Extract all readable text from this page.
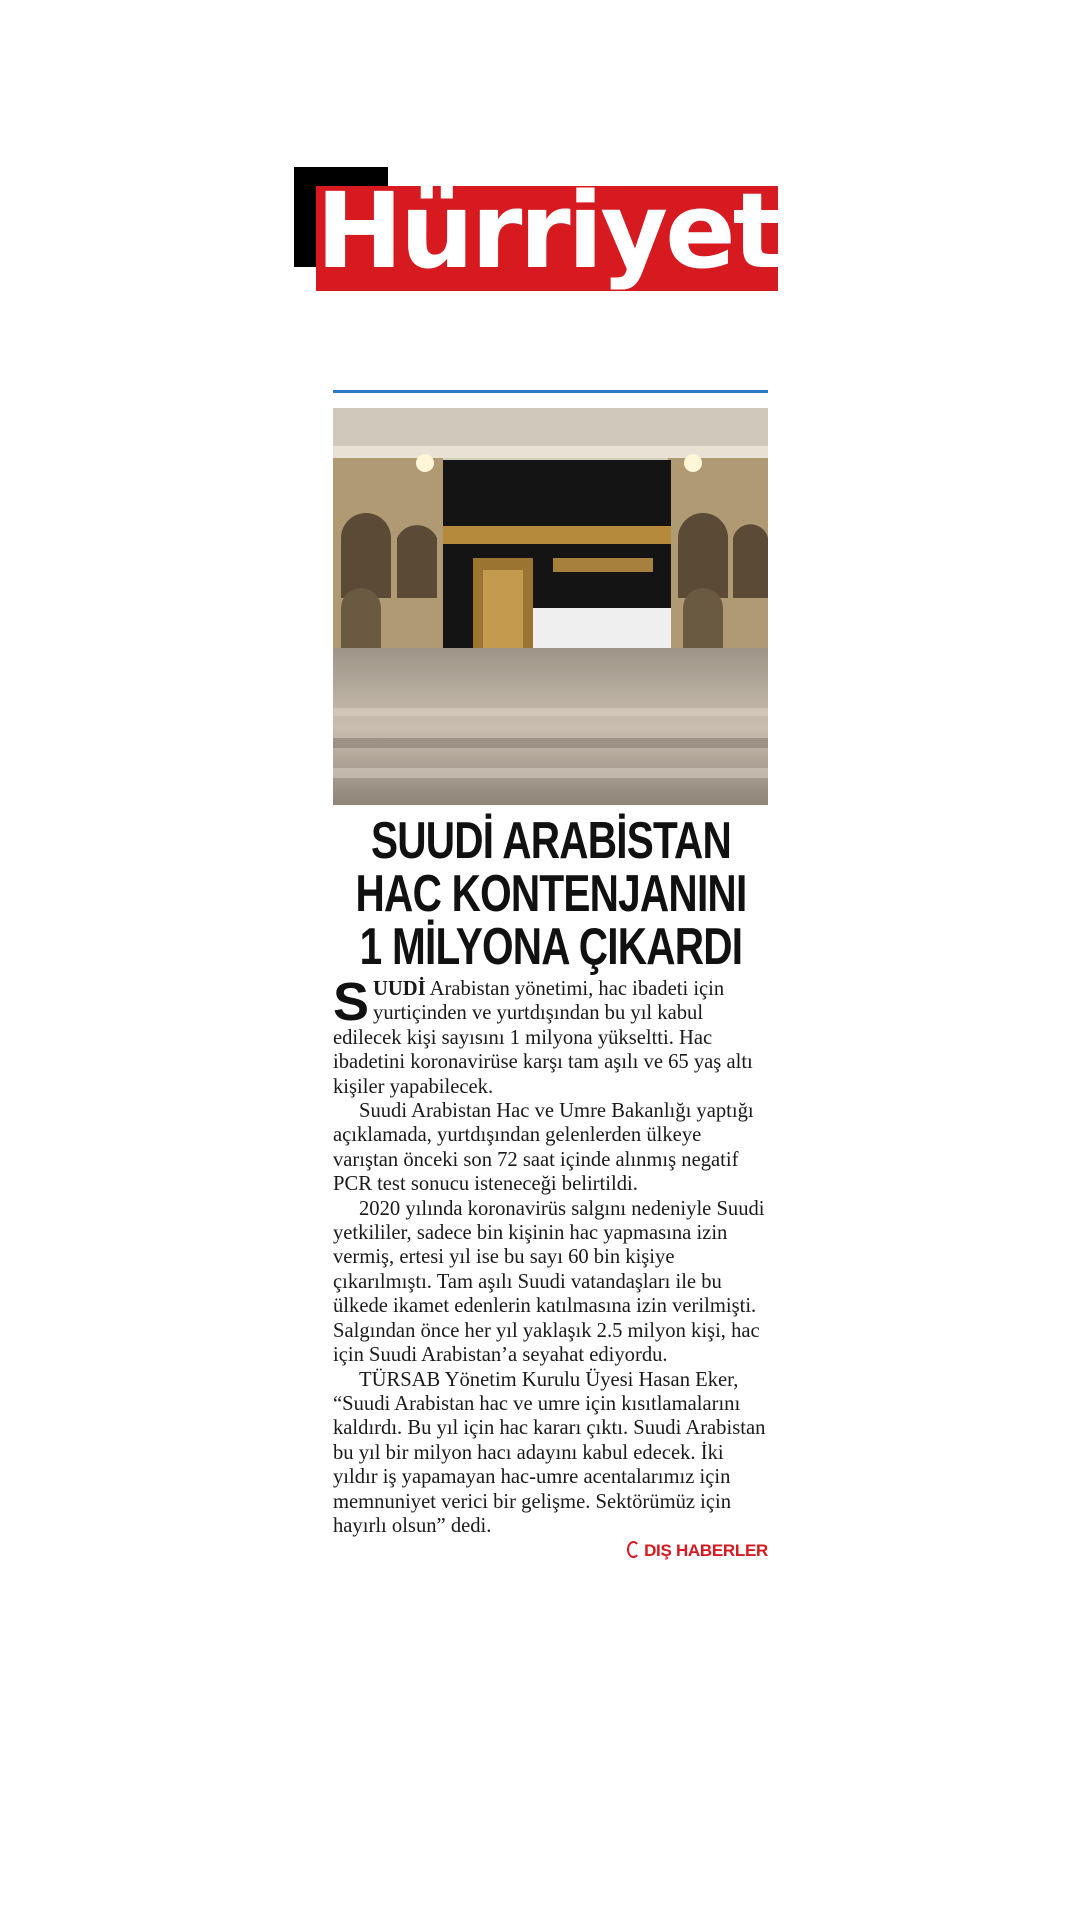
Hürriyet
SUUDİ ARABİSTAN
HAC KONTENJANINI
1 MİLYONA ÇIKARDI

SUUDİ Arabistan yönetimi, hac ibadeti için yurtiçinden ve yurtdışından bu yıl kabul edilecek kişi sayısını 1 milyona yükseltti. Hac ibadetini koronavirüse karşı tam aşılı ve 65 yaş altı kişiler yapabilecek.

Suudi Arabistan Hac ve Umre Bakanlığı yaptığı açıklamada, yurtdışından gelenlerden ülkeye varıştan önceki son 72 saat içinde alınmış negatif PCR test sonucu isteneceği belirtildi.

2020 yılında koronavirüs salgını nedeniyle Suudi yetkililer, sadece bin kişinin hac yapmasına izin vermiş, ertesi yıl ise bu sayı 60 bin kişiye çıkarılmıştı. Tam aşılı Suudi vatandaşları ile bu ülkede ikamet edenlerin katılmasına izin verilmişti. Salgından önce her yıl yaklaşık 2.5 milyon kişi, hac için Suudi Arabistan’a seyahat ediyordu.

TÜRSAB Yönetim Kurulu Üyesi Hasan Eker, “Suudi Arabistan hac ve umre için kısıtlamalarını kaldırdı. Bu yıl için hac kararı çıktı. Suudi Arabistan bu yıl bir milyon hacı adayını kabul edecek. İki yıldır iş yapamayan hac-umre acentalarımız için memnuniyet verici bir gelişme. Sektörümüz için hayırlı olsun” dedi.

DIŞ HABERLER
